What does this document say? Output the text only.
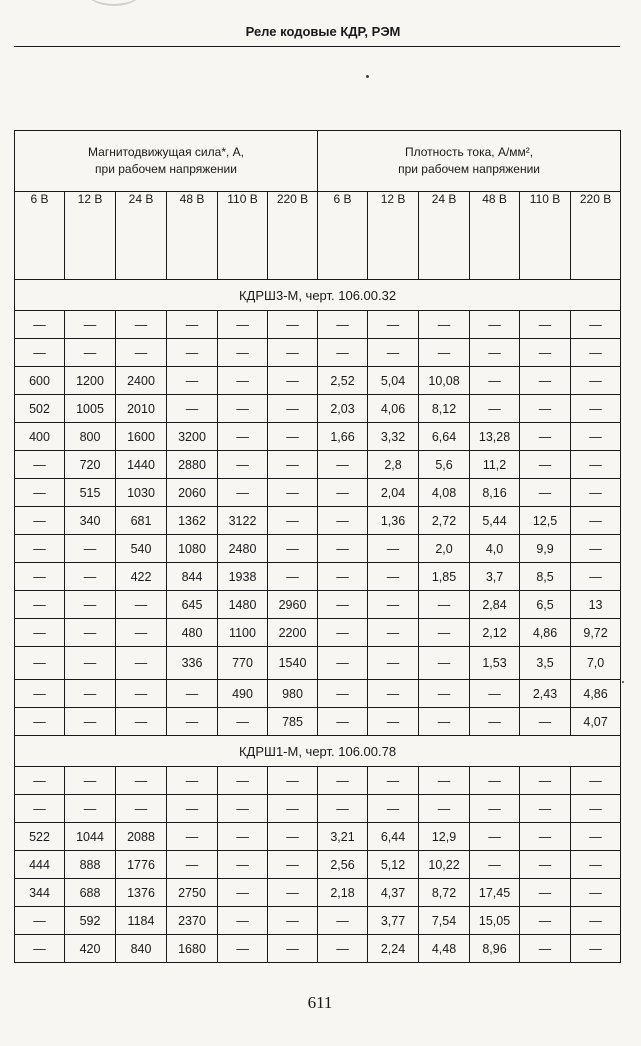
Реле кодовые КДР, РЭМ
Магнитодвижущая сила*, А,
при рабочем напряжении						Плотность тока, А/мм²,
при рабочем напряжении					
6 В	12 В	24 В	48 В	110 В	220 В	6 В	12 В	24 В	48 В	110 В	220 В
КДРШ3-М, черт. 106.00.32											
—	—	—	—	—	—	—	—	—	—	—	—
—	—	—	—	—	—	—	—	—	—	—	—
600	1200	2400	—	—	—	2,52	5,04	10,08	—	—	—
502	1005	2010	—	—	—	2,03	4,06	8,12	—	—	—
400	800	1600	3200	—	—	1,66	3,32	6,64	13,28	—	—
—	720	1440	2880	—	—	—	2,8	5,6	11,2	—	—
—	515	1030	2060	—	—	—	2,04	4,08	8,16	—	—
—	340	681	1362	3122	—	—	1,36	2,72	5,44	12,5	—
—	—	540	1080	2480	—	—	—	2,0	4,0	9,9	—
—	—	422	844	1938	—	—	—	1,85	3,7	8,5	—
—	—	—	645	1480	2960	—	—	—	2,84	6,5	13
—	—	—	480	1100	2200	—	—	—	2,12	4,86	9,72
—	—	—	336	770	1540	—	—	—	1,53	3,5	7,0
—	—	—	—	490	980	—	—	—	—	2,43	4,86
—	—	—	—	—	785	—	—	—	—	—	4,07
КДРШ1-М, черт. 106.00.78											
—	—	—	—	—	—	—	—	—	—	—	—
—	—	—	—	—	—	—	—	—	—	—	—
522	1044	2088	—	—	—	3,21	6,44	12,9	—	—	—
444	888	1776	—	—	—	2,56	5,12	10,22	—	—	—
344	688	1376	2750	—	—	2,18	4,37	8,72	17,45	—	—
—	592	1184	2370	—	—	—	3,77	7,54	15,05	—	—
—	420	840	1680	—	—	—	2,24	4,48	8,96	—	—
611
